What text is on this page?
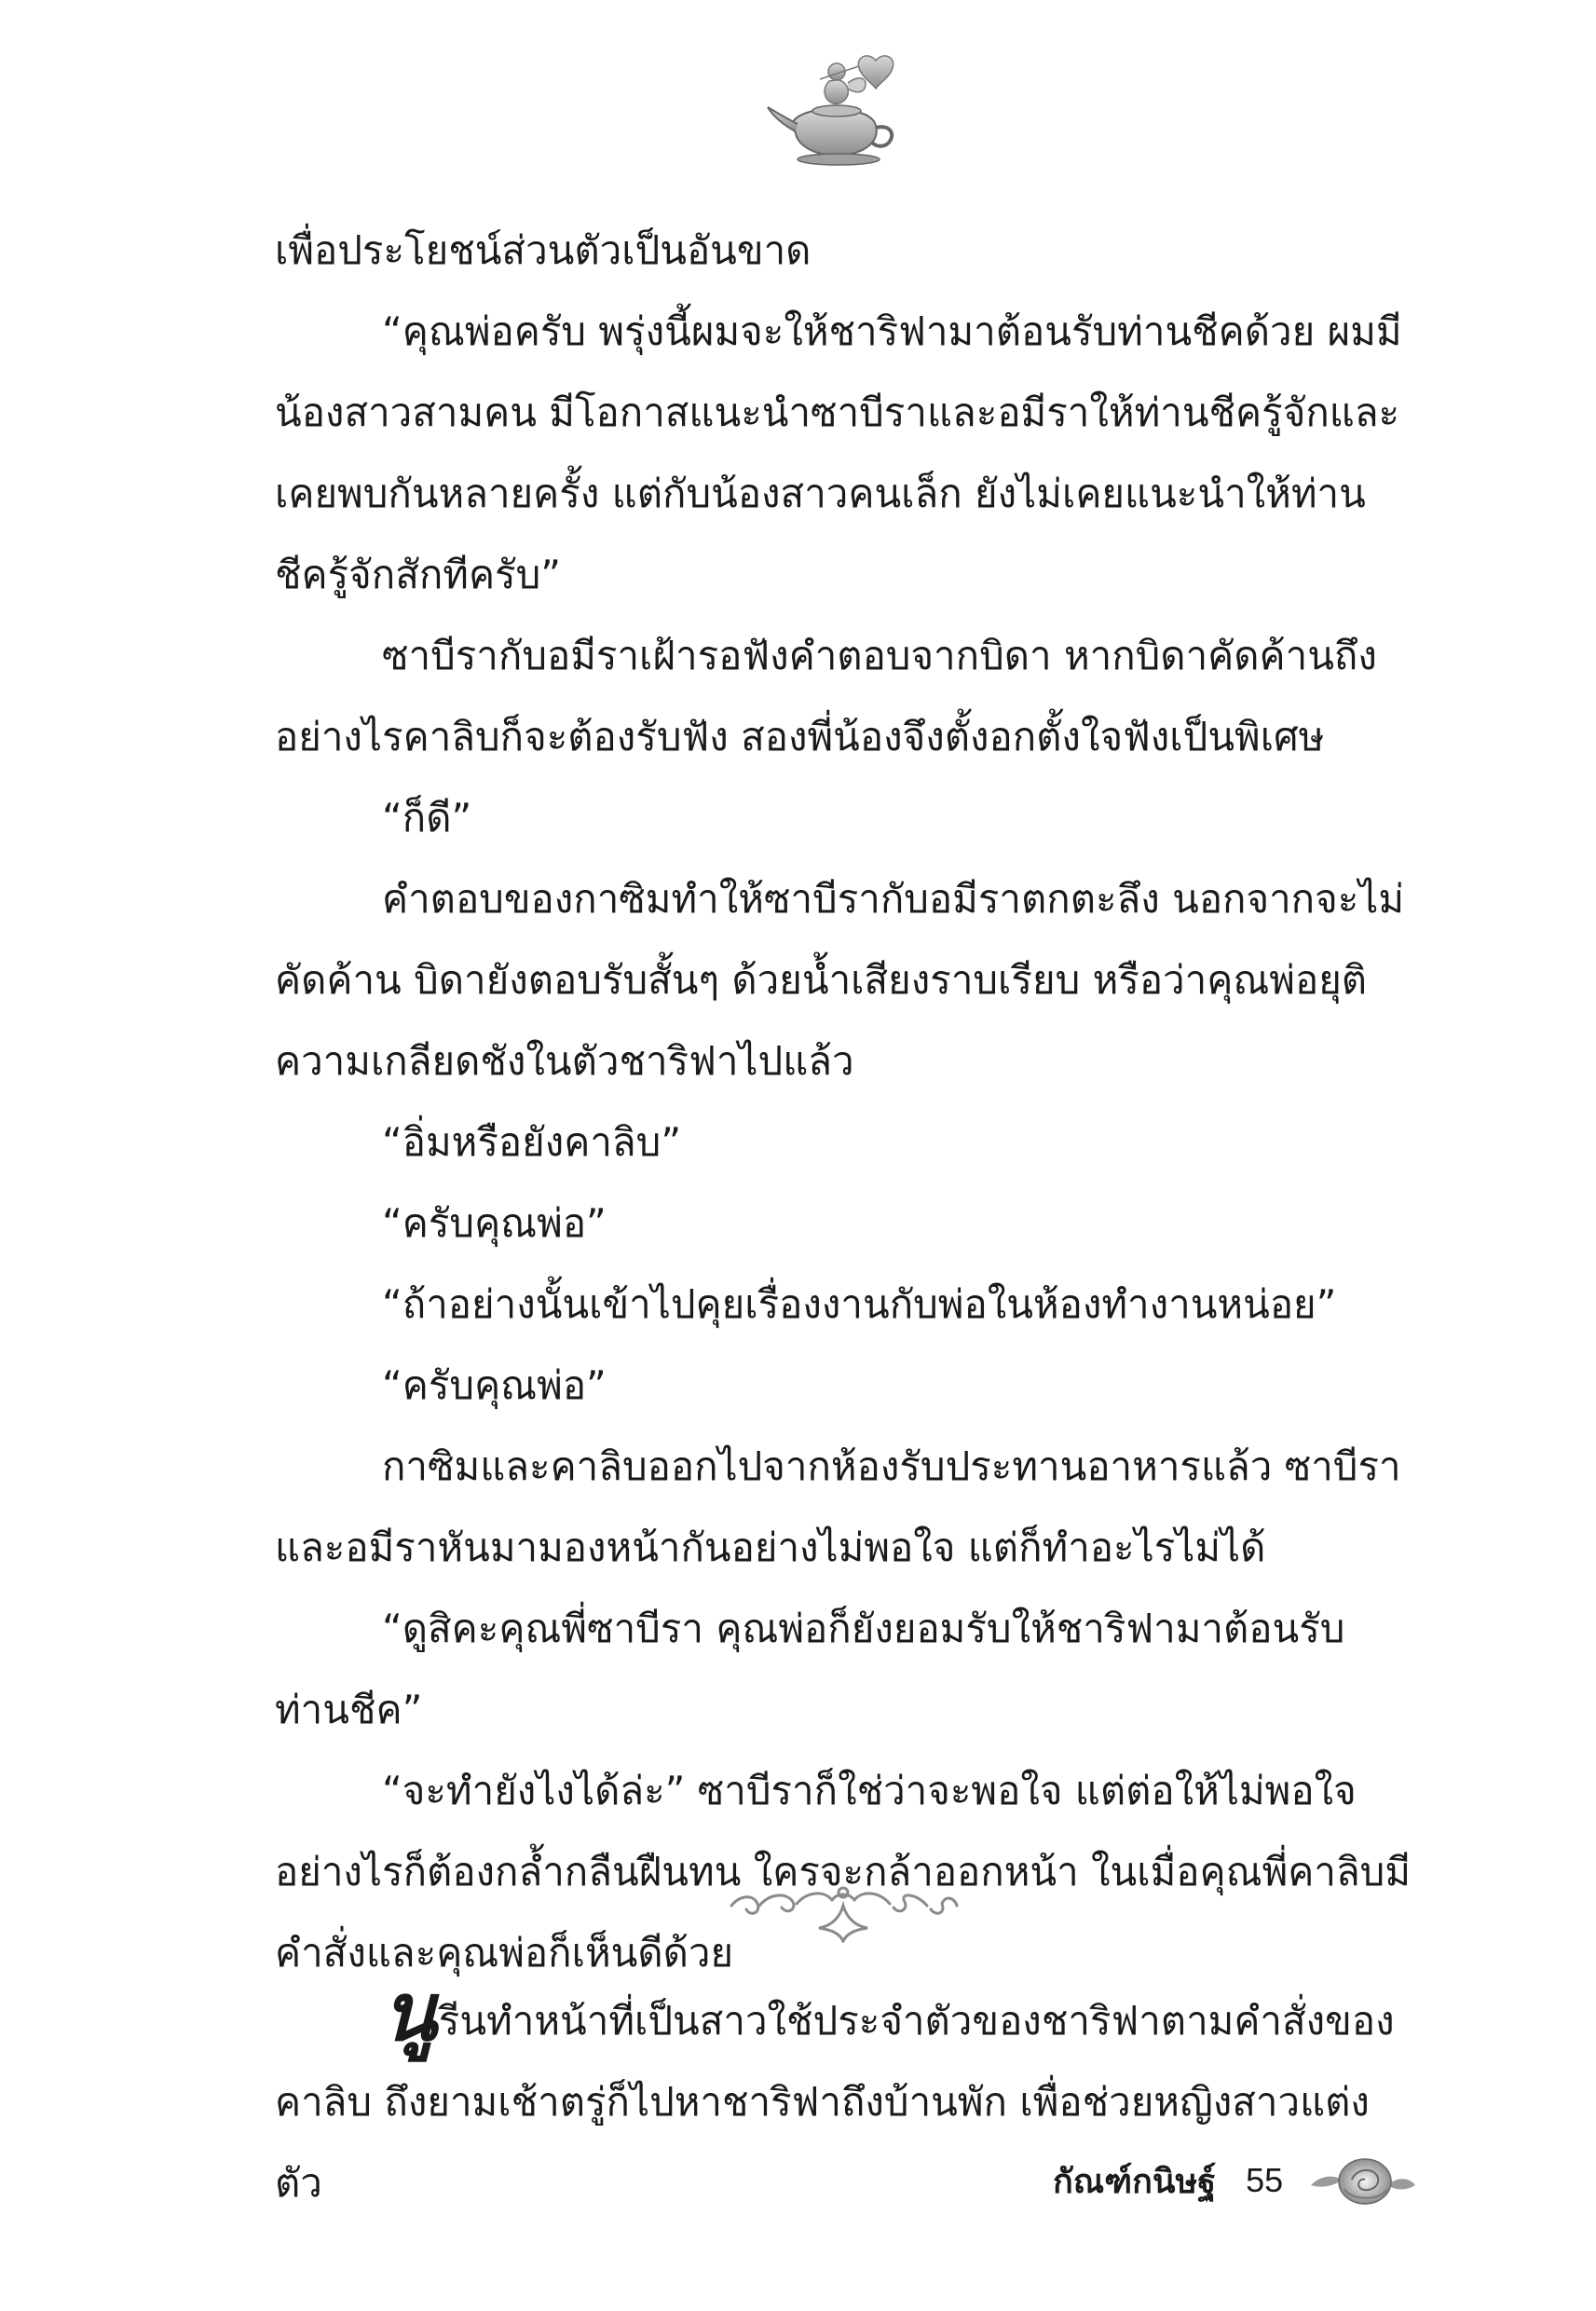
เพื่อประโยชน์ส่วนตัวเป็นอันขาด

“คุณพ่อครับ พรุ่งนี้ผมจะให้ชาริฟามาต้อนรับท่านชีคด้วย ผมมีน้องสาวสามคน มีโอกาสแนะนำซาบีราและอมีราให้ท่านชีครู้จักและเคยพบกันหลายครั้ง แต่กับน้องสาวคนเล็ก ยังไม่เคยแนะนำให้ท่านชีครู้จักสักทีครับ”

ซาบีรากับอมีราเฝ้ารอฟังคำตอบจากบิดา หากบิดาคัดค้านถึงอย่างไรคาลิบก็จะต้องรับฟัง สองพี่น้องจึงตั้งอกตั้งใจฟังเป็นพิเศษ

“ก็ดี”

คำตอบของกาซิมทำให้ซาบีรากับอมีราตกตะลึง นอกจากจะไม่คัดค้าน บิดายังตอบรับสั้นๆ ด้วยน้ำเสียงราบเรียบ หรือว่าคุณพ่อยุติความเกลียดชังในตัวชาริฟาไปแล้ว

“อิ่มหรือยังคาลิบ”

“ครับคุณพ่อ”

“ถ้าอย่างนั้นเข้าไปคุยเรื่องงานกับพ่อในห้องทำงานหน่อย”

“ครับคุณพ่อ”

กาซิมและคาลิบออกไปจากห้องรับประทานอาหารแล้ว ซาบีราและอมีราหันมามองหน้ากันอย่างไม่พอใจ แต่ก็ทำอะไรไม่ได้

“ดูสิคะคุณพี่ซาบีรา คุณพ่อก็ยังยอมรับให้ชาริฟามาต้อนรับท่านชีค”

“จะทำยังไงได้ล่ะ” ซาบีราก็ใช่ว่าจะพอใจ แต่ต่อให้ไม่พอใจอย่างไรก็ต้องกล้ำกลืนฝืนทน ใครจะกล้าออกหน้า ในเมื่อคุณพี่คาลิบมีคำสั่งและคุณพ่อก็เห็นดีด้วย

นูรีนทำหน้าที่เป็นสาวใช้ประจำตัวของชาริฟาตามคำสั่งของคาลิบ ถึงยามเช้าตรู่ก็ไปหาชาริฟาถึงบ้านพัก เพื่อช่วยหญิงสาวแต่งตัว	กัณฑ์กนิษฐ์ 55
